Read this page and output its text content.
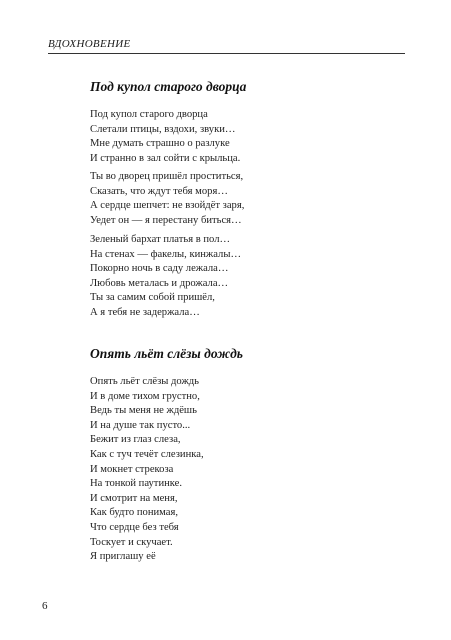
ВДОХНОВЕНИЕ
Под купол старого дворца
Под купол старого дворца
Слетали птицы, вздохи, звуки…
Мне думать страшно о разлуке
И странно в зал сойти с крыльца.
Ты во дворец пришёл проститься,
Сказать, что ждут тебя моря…
А сердце шепчет: не взойдёт заря,
Уедет он — я перестану биться…
Зеленый бархат платья в пол…
На стенах — факелы, кинжалы…
Покорно ночь в саду лежала…
Любовь металась и дрожала…
Ты за самим собой пришёл,
А я тебя не задержала…
Опять льёт слёзы дождь
Опять льёт слёзы дождь
И в доме тихом грустно,
Ведь ты меня не ждёшь
И на душе так пусто...
Бежит из глаз слеза,
Как с туч течёт слезинка,
И мокнет стрекоза
На тонкой паутинке.
И смотрит на меня,
Как будто понимая,
Что сердце без тебя
Тоскует и скучает.
Я приглашу её
6
